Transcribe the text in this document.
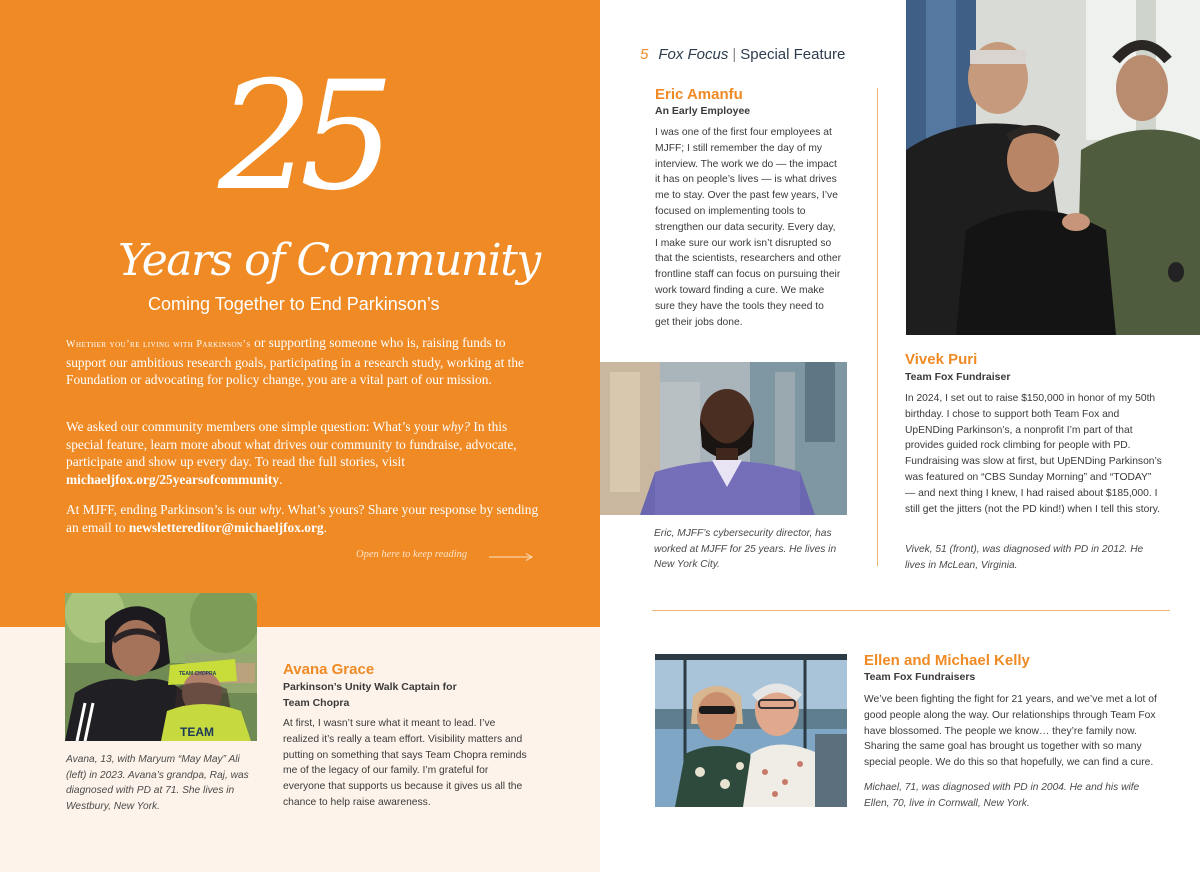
25
Years of Community
Coming Together to End Parkinson’s

Whether you’re living with Parkinson’s or supporting someone who is, raising funds to support our ambitious research goals, participating in a research study, working at the Foundation or advocating for policy change, you are a vital part of our mission.

We asked our community members one simple question: What’s your why? In this special feature, learn more about what drives our community to fundraise, advocate, participate and show up every day. To read the full stories, visit michaeljfox.org/25yearsofcommunity.

At MJFF, ending Parkinson’s is our why. What’s yours? Share your response by sending an email to newslettereditor@michaeljfox.org.

Open here to keep reading
TEAM
TEAM CHOPRA

Avana, 13, with Maryum “May May” Ali (left) in 2023. Avana’s grandpa, Raj, was diagnosed with PD at 71. She lives in Westbury, New York.

Avana Grace
Parkinson’s Unity Walk Captain for Team Chopra

At first, I wasn’t sure what it meant to lead. I’ve realized it’s really a team effort. Visibility matters and putting on something that says Team Chopra reminds me of the legacy of our family. I’m grateful for everyone that supports us because it gives us all the chance to help raise awareness.

5 Fox Focus | Special Feature
Eric Amanfu
An Early Employee

I was one of the first four employees at MJFF; I still remember the day of my interview. The work we do — the impact it has on people’s lives — is what drives me to stay. Over the past few years, I’ve focused on implementing tools to strengthen our data security. Every day, I make sure our work isn’t disrupted so that the scientists, researchers and other frontline staff can focus on pursuing their work toward finding a cure. We make sure they have the tools they need to get their jobs done.

Eric, MJFF’s cybersecurity director, has worked at MJFF for 25 years. He lives in New York City.

Vivek Puri
Team Fox Fundraiser

In 2024, I set out to raise $150,000 in honor of my 50th birthday. I chose to support both Team Fox and UpENDing Parkinson’s, a nonprofit I’m part of that provides guided rock climbing for people with PD. Fundraising was slow at first, but UpENDing Parkinson’s was featured on “CBS Sunday Morning” and “TODAY” — and next thing I knew, I had raised about $185,000. I still get the jitters (not the PD kind!) when I tell this story.

Vivek, 51 (front), was diagnosed with PD in 2012. He lives in McLean, Virginia.

Ellen and Michael Kelly
Team Fox Fundraisers

We’ve been fighting the fight for 21 years, and we’ve met a lot of good people along the way. Our relationships through Team Fox have blossomed. The people we know… they’re family now. Sharing the same goal has brought us together with so many special people. We do this so that hopefully, we can find a cure.

Michael, 71, was diagnosed with PD in 2004. He and his wife Ellen, 70, live in Cornwall, New York.
